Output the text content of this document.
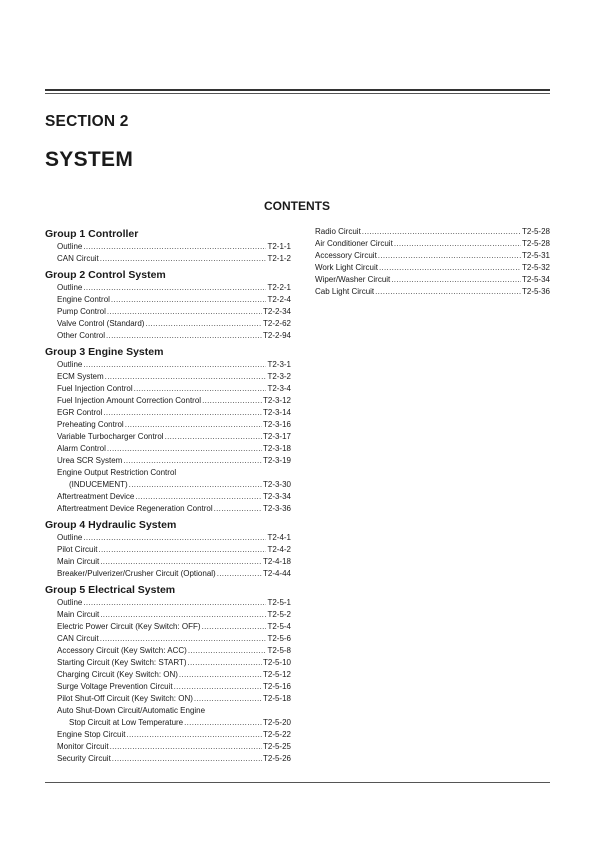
SECTION 2
SYSTEM
CONTENTS
Group 1 Controller
Outline .....	T2-1-1
CAN Circuit .....	T2-1-2
Group 2 Control System
Outline .....	T2-2-1
Engine Control .....	T2-2-4
Pump Control .....	T2-2-34
Valve Control (Standard) .....	T2-2-62
Other Control .....	T2-2-94
Group 3 Engine System
Outline .....	T2-3-1
ECM System .....	T2-3-2
Fuel Injection Control .....	T2-3-4
Fuel Injection Amount Correction Control .....	T2-3-12
EGR Control .....	T2-3-14
Preheating Control .....	T2-3-16
Variable Turbocharger Control .....	T2-3-17
Alarm Control .....	T2-3-18
Urea SCR System .....	T2-3-19
Engine Output Restriction Control
(INDUCEMENT) .....	T2-3-30
Aftertreatment Device .....	T2-3-34
Aftertreatment Device Regeneration Control .....	T2-3-36
Group 4 Hydraulic System
Outline .....	T2-4-1
Pilot Circuit .....	T2-4-2
Main Circuit .....	T2-4-18
Breaker/Pulverizer/Crusher Circuit (Optional) .....	T2-4-44
Group 5 Electrical System
Outline .....	T2-5-1
Main Circuit .....	T2-5-2
Electric Power Circuit (Key Switch: OFF) .....	T2-5-4
CAN Circuit .....	T2-5-6
Accessory Circuit (Key Switch: ACC) .....	T2-5-8
Starting Circuit (Key Switch: START) .....	T2-5-10
Charging Circuit (Key Switch: ON) .....	T2-5-12
Surge Voltage Prevention Circuit .....	T2-5-16
Pilot Shut-Off Circuit (Key Switch: ON) .....	T2-5-18
Auto Shut-Down Circuit/Automatic Engine
Stop Circuit at Low Temperature .....	T2-5-20
Engine Stop Circuit .....	T2-5-22
Monitor Circuit .....	T2-5-25
Security Circuit .....	T2-5-26
Radio Circuit .....	T2-5-28
Air Conditioner Circuit .....	T2-5-28
Accessory Circuit .....	T2-5-31
Work Light Circuit .....	T2-5-32
Wiper/Washer Circuit .....	T2-5-34
Cab Light Circuit .....	T2-5-36
